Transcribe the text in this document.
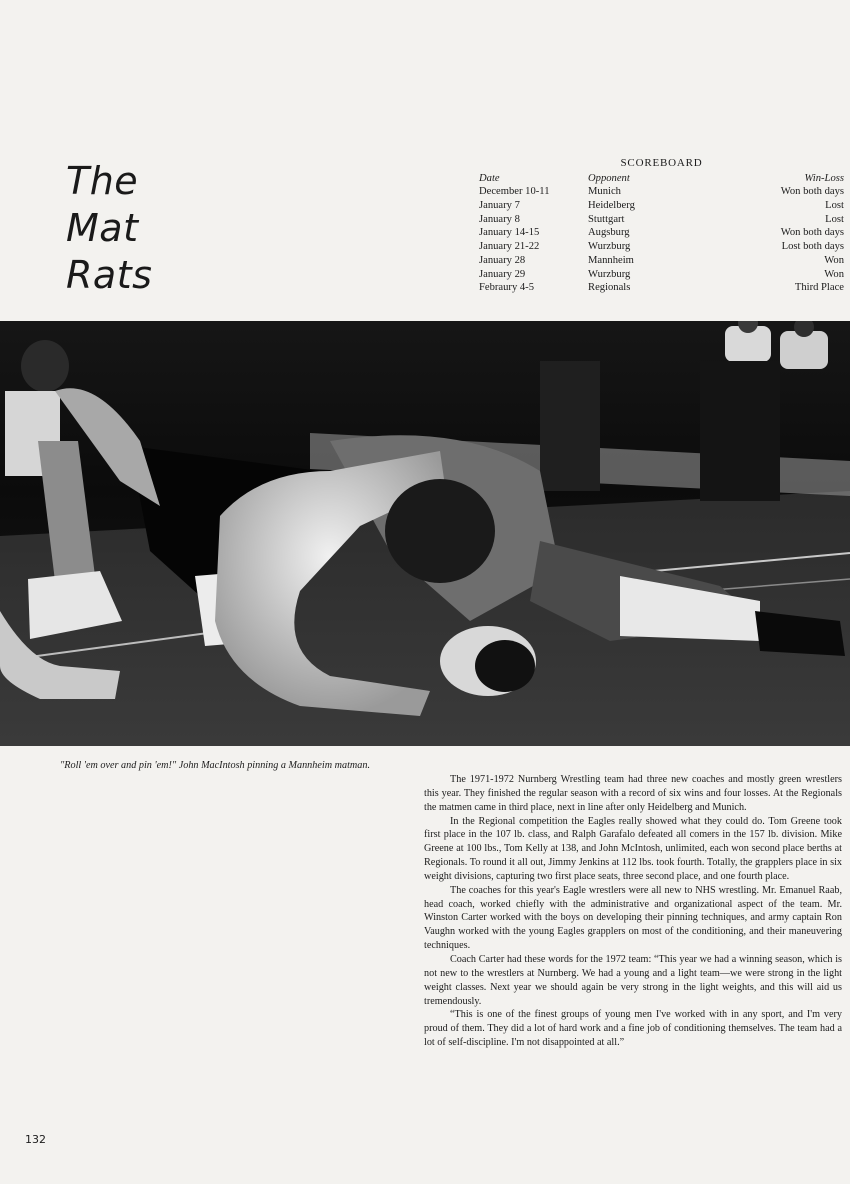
The
Mat
Rats
SCOREBOARD
Date	Opponent	Win-Loss
December 10-11	Munich	Won both days
January 7	Heidelberg	Lost
January 8	Stuttgart	Lost
January 14-15	Augsburg	Won both days
January 21-22	Wurzburg	Lost both days
January 28	Mannheim	Won
January 29	Wurzburg	Won
Febraury 4-5	Regionals	Third Place
"Roll 'em over and pin 'em!" John MacIntosh pinning a Mannheim matman.

The 1971-1972 Nurnberg Wrestling team had three new coaches and mostly green wrestlers this year. They finished the regular season with a record of six wins and four losses. At the Regionals the matmen came in third place, next in line after only Heidelberg and Munich.

In the Regional competition the Eagles really showed what they could do. Tom Greene took first place in the 107 lb. class, and Ralph Garafalo defeated all comers in the 157 lb. division. Mike Greene at 100 lbs., Tom Kelly at 138, and John McIntosh, unlimited, each won second place berths at Regionals. To round it all out, Jimmy Jenkins at 112 lbs. took fourth. Totally, the grapplers place in six weight divisions, capturing two first place seats, three second place, and one fourth place.

The coaches for this year's Eagle wrestlers were all new to NHS wrestling. Mr. Emanuel Raab, head coach, worked chiefly with the administrative and organizational aspect of the team. Mr. Winston Carter worked with the boys on developing their pinning techniques, and army captain Ron Vaughn worked with the young Eagles grapplers on most of the conditioning, and their maneuvering techniques.

Coach Carter had these words for the 1972 team: “This year we had a winning season, which is not new to the wrestlers at Nurnberg. We had a young and a light team—we were strong in the light weight classes. Next year we should again be very strong in the light weights, and this will aid us tremendously.

“This is one of the finest groups of young men I've worked with in any sport, and I'm very proud of them. They did a lot of hard work and a fine job of conditioning themselves. The team had a lot of self-discipline. I'm not disappointed at all.”

132
